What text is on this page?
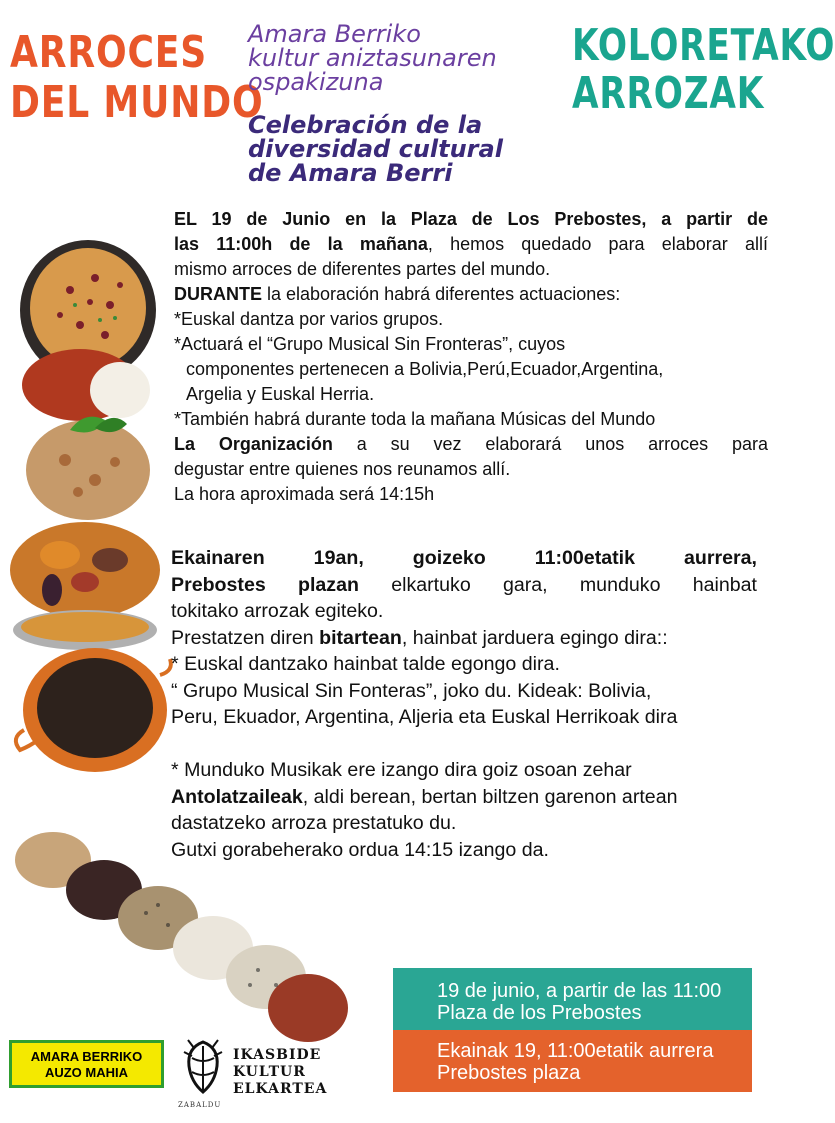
ARROCES
DEL MUNDO
Amara Berriko
kultur aniztasunaren
ospakizuna
Celebración de la
diversidad cultural
de Amara Berri
KOLORETAKO
ARROZAK
EL 19 de Junio en la Plaza de Los Prebostes, a partir de
las 11:00h de la mañana, hemos quedado para elaborar allí
mismo arroces de diferentes partes del mundo.
DURANTE la elaboración habrá diferentes actuaciones:
*Euskal dantza por varios grupos.
*Actuará el “Grupo Musical Sin Fronteras”, cuyos
componentes pertenecen a Bolivia,Perú,Ecuador,Argentina,
Argelia y Euskal Herria.
*También habrá durante toda la mañana Músicas del Mundo
La Organización a su vez elaborará unos arroces para
degustar entre quienes nos reunamos allí.
La hora aproximada será 14:15h
Ekainaren 19an, goizeko 11:00etatik aurrera,
Prebostes plazan elkartuko gara, munduko hainbat
tokitako arrozak egiteko.
Prestatzen diren bitartean, hainbat jarduera egingo dira::
* Euskal dantzako hainbat talde egongo dira.
“ Grupo Musical Sin Fonteras”, joko du. Kideak: Bolivia,
Peru, Ekuador, Argentina, Aljeria eta Euskal Herrikoak dira
* Munduko Musikak ere izango dira goiz osoan zehar
Antolatzaileak, aldi berean, bertan biltzen garenon artean
dastatzeko arroza prestatuko du.
Gutxi gorabeherako ordua 14:15 izango da.
19 de junio, a partir de las 11:00
Plaza de los Prebostes
Ekainak 19, 11:00etatik aurrera
Prebostes plaza
AMARA BERRIKO
AUZO MAHIA
ZABALDU
IKASBIDE
KULTUR
ELKARTEA
